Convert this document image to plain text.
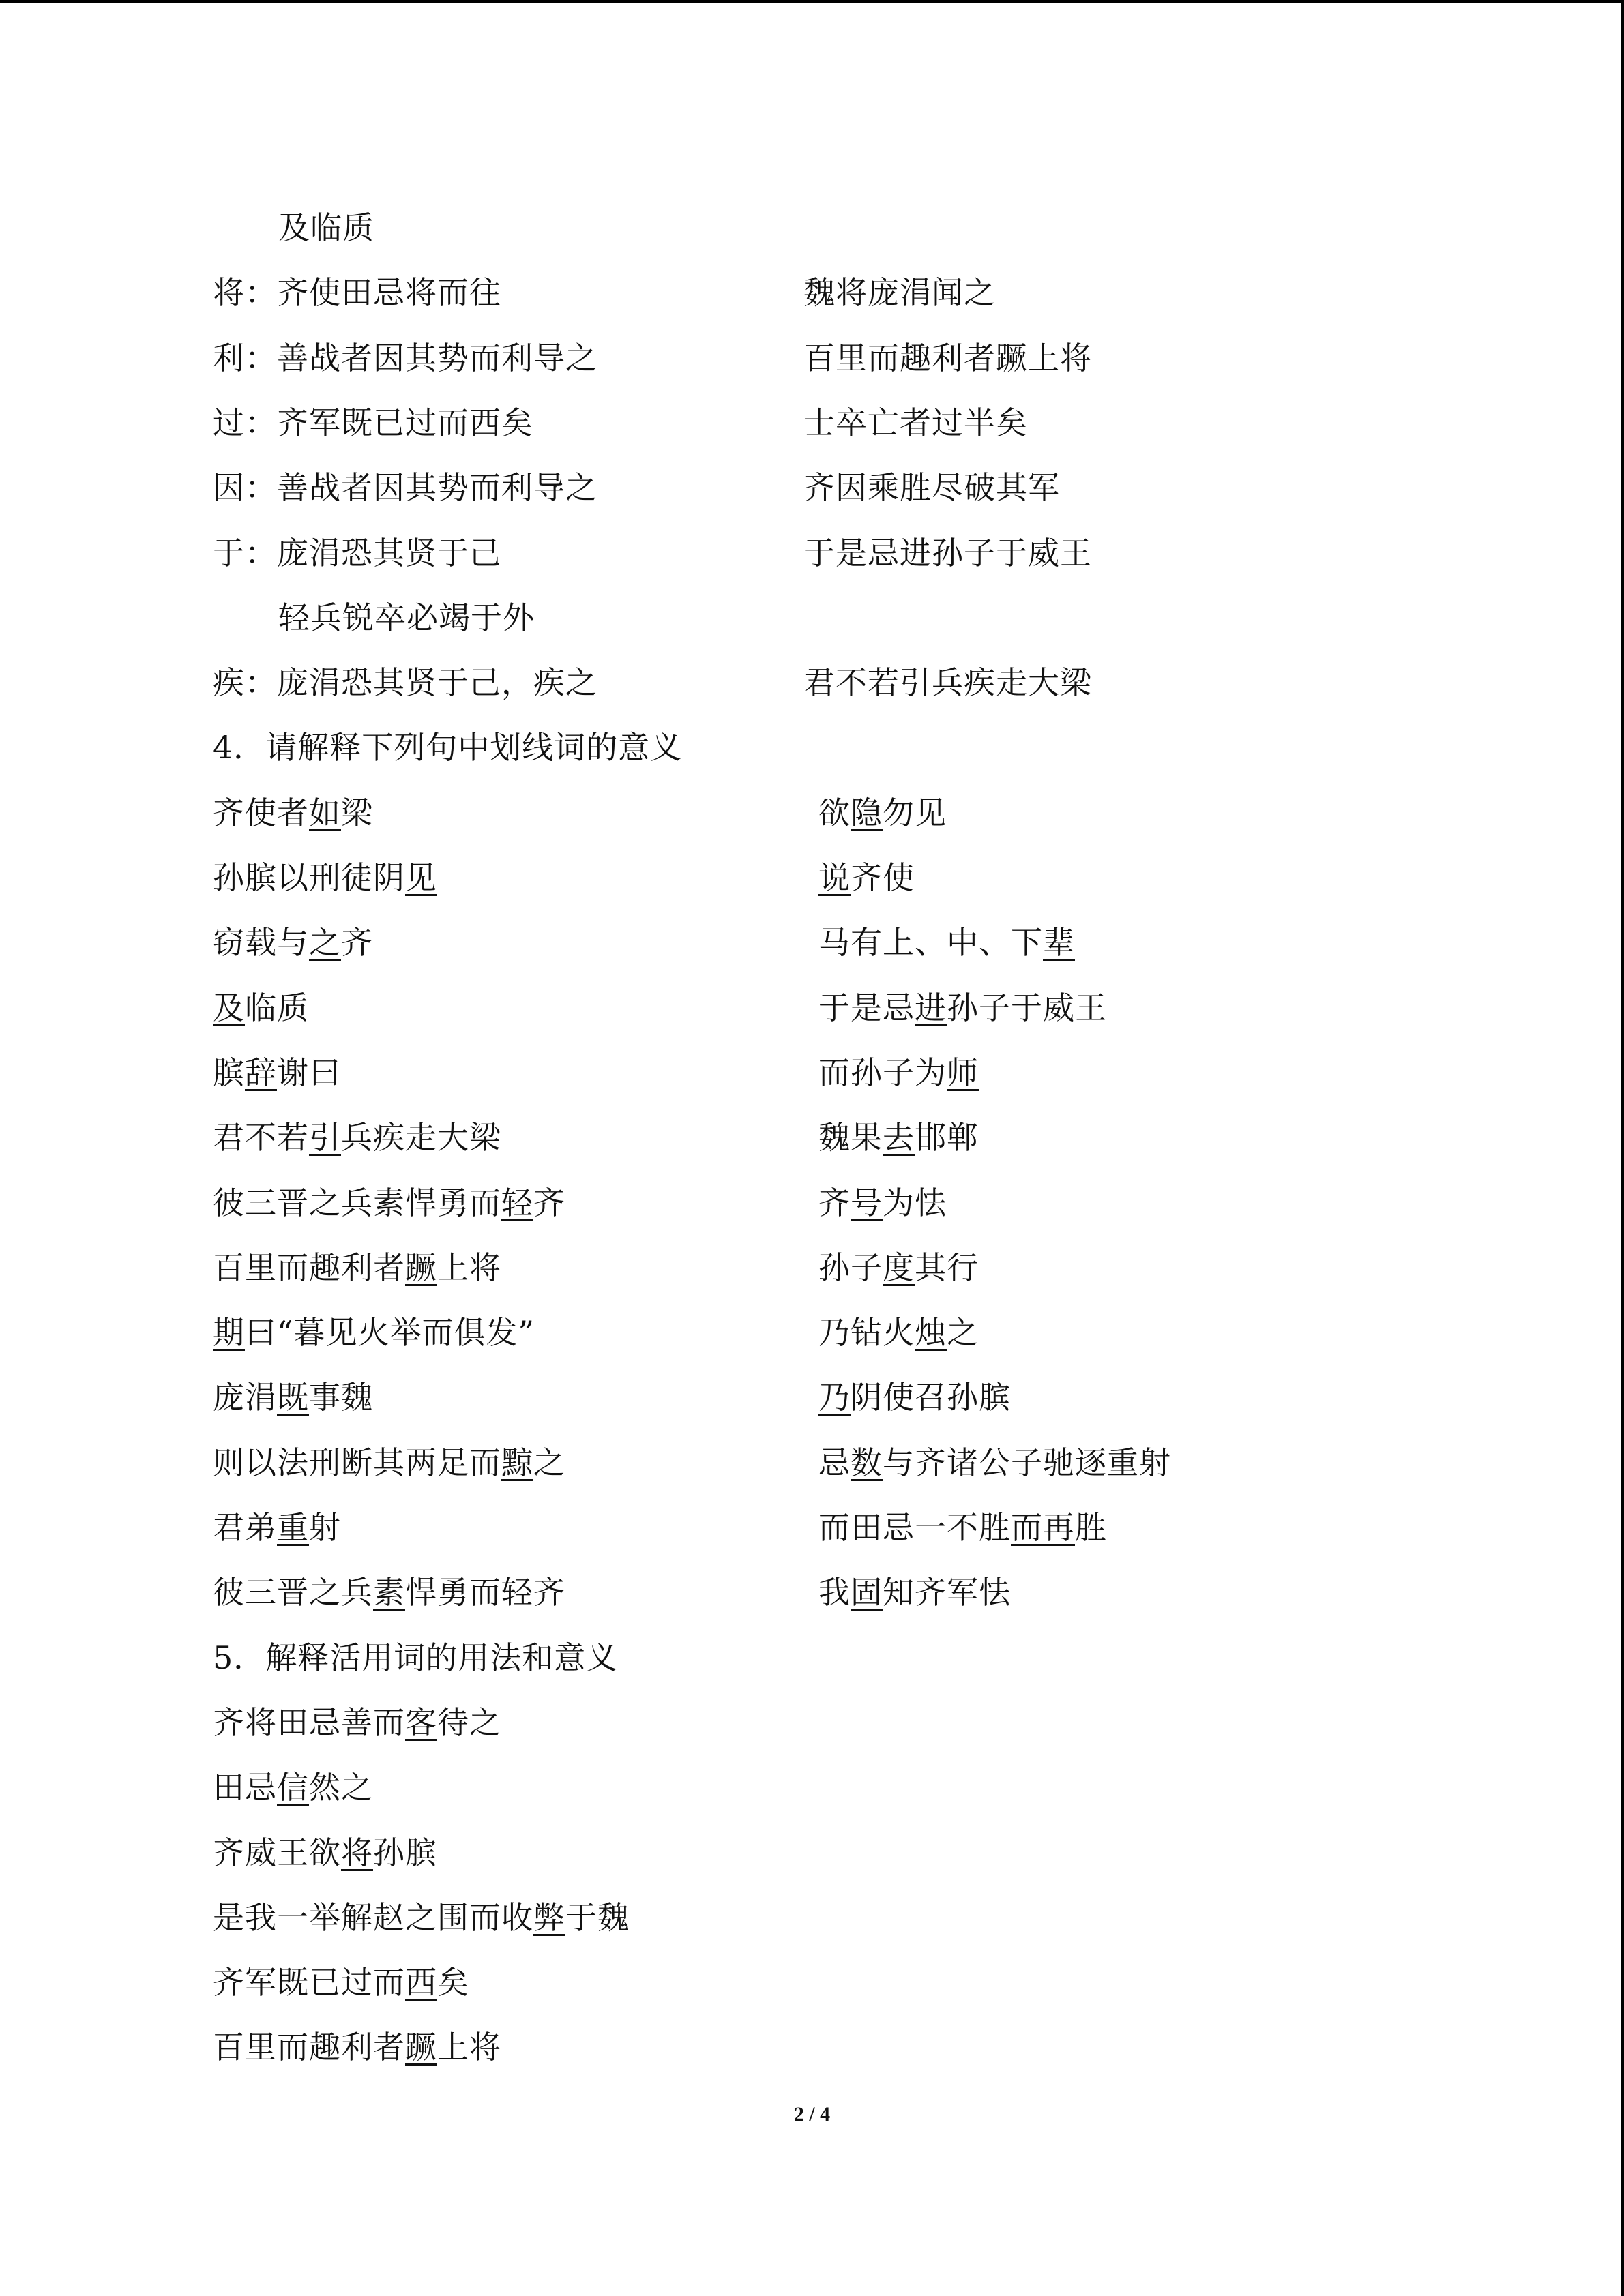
及临质
将：齐使田忌将而往	魏将庞涓闻之
利：善战者因其势而利导之	百里而趣利者蹶上将
过：齐军既已过而西矣	士卒亡者过半矣
因：善战者因其势而利导之	齐因乘胜尽破其军
于：庞涓恐其贤于己	于是忌进孙子于威王
轻兵锐卒必竭于外
疾：庞涓恐其贤于己，疾之	君不若引兵疾走大梁
4．请解释下列句中划线词的意义
齐使者如梁	欲隐勿见
孙膑以刑徒阴见	说齐使
窃载与之齐	马有上、中、下辈
及临质	于是忌进孙子于威王
膑辞谢曰	而孙子为师
君不若引兵疾走大梁	魏果去邯郸
彼三晋之兵素悍勇而轻齐	齐号为怯
百里而趣利者蹶上将	孙子度其行
期曰“暮见火举而俱发”	乃钻火烛之
庞涓既事魏	乃阴使召孙膑
则以法刑断其两足而黥之	忌数与齐诸公子驰逐重射
君弟重射	而田忌一不胜而再胜
彼三晋之兵素悍勇而轻齐	我固知齐军怯
5．解释活用词的用法和意义
齐将田忌善而客待之
田忌信然之
齐威王欲将孙膑
是我一举解赵之围而收弊于魏
齐军既已过而西矣
百里而趣利者蹶上将
2 / 4
